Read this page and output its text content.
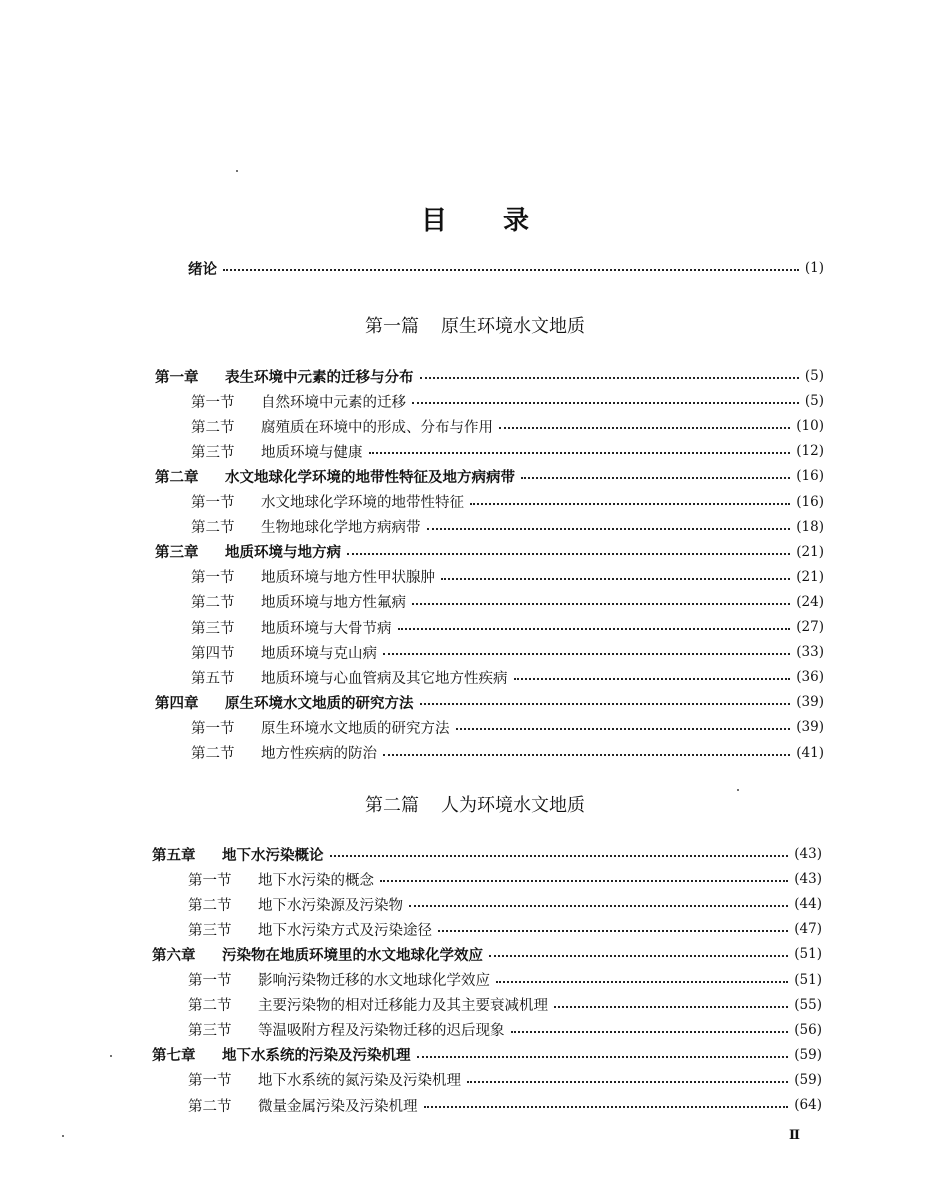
目 录
绪论	(1)
第一篇 原生环境水文地质
第二篇 人为环境水文地质
第一章	表生环境中元素的迁移与分布	(5)
第一节	自然环境中元素的迁移	(5)
第二节	腐殖质在环境中的形成、分布与作用	(10)
第三节	地质环境与健康	(12)
第二章	水文地球化学环境的地带性特征及地方病病带	(16)
第一节	水文地球化学环境的地带性特征	(16)
第二节	生物地球化学地方病病带	(18)
第三章	地质环境与地方病	(21)
第一节	地质环境与地方性甲状腺肿	(21)
第二节	地质环境与地方性氟病	(24)
第三节	地质环境与大骨节病	(27)
第四节	地质环境与克山病	(33)
第五节	地质环境与心血管病及其它地方性疾病	(36)
第四章	原生环境水文地质的研究方法	(39)
第一节	原生环境水文地质的研究方法	(39)
第二节	地方性疾病的防治	(41)
第五章	地下水污染概论	(43)
第一节	地下水污染的概念	(43)
第二节	地下水污染源及污染物	(44)
第三节	地下水污染方式及污染途径	(47)
第六章	污染物在地质环境里的水文地球化学效应	(51)
第一节	影响污染物迁移的水文地球化学效应	(51)
第二节	主要污染物的相对迁移能力及其主要衰减机理	(55)
第三节	等温吸附方程及污染物迁移的迟后现象	(56)
第七章	地下水系统的污染及污染机理	(59)
第一节	地下水系统的氮污染及污染机理	(59)
第二节	微量金属污染及污染机理	(64)
Ⅱ
